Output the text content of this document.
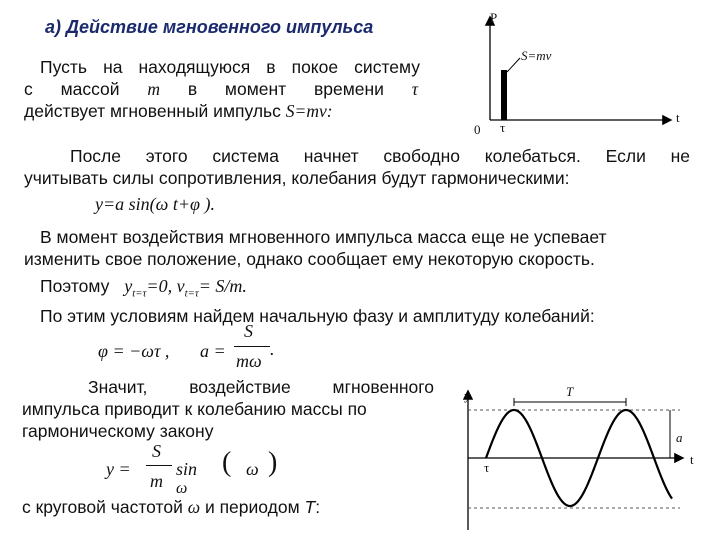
а) Действие мгновенного импульса
Пусть на находящуюся в покое систему
с массой m в момент времени τ
действует мгновенный импульс S=mv:
P
t
0 τ
S=mv
После этого система начнет свободно колебаться. Если не
учитывать силы сопротивления, колебания будут гармоническими:
y=a sin(ω t+φ ).
В момент воздействия мгновенного импульса масса еще не успевает
изменить свое положение, однако сообщает ему некоторую скорость.
Поэтому $y_{t=\tau}=0$, $v_{t=\tau}= S/m$.
По этим условиям найдем начальную фазу и амплитуду колебаний:
φ = −ωτ , a =
S
mω
.
Значит, воздействие мгновенного
импульса приводит к колебанию массы по
гармоническому закону
y =
S
m
sin
ω
( ω )
с круговой частотой ω и периодом T:
y
t
T
a
τ
